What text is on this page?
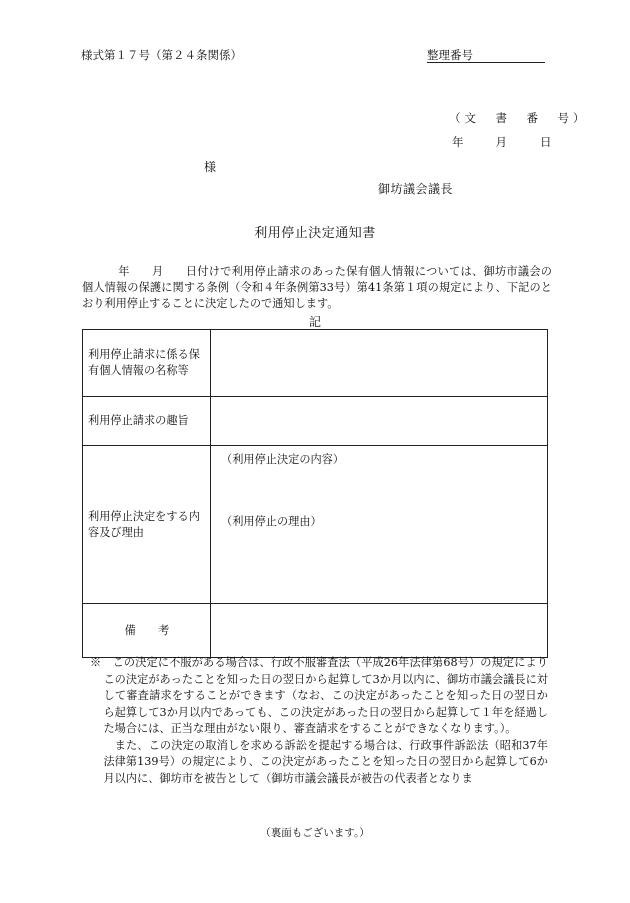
様式第１７号（第２４条関係）	整理番号
（文　書　番　号）
年	月	日
様
御坊議会議長
利用停止決定通知書
年 月 日付けで利用停止請求のあった保有個人情報については、御坊市議会の個人情報の保護に関する条例（令和４年条例第33号）第41条第１項の規定により、下記のとおり利用停止することに決定したので通知します。
記
利用停止請求に係る保有個人情報の名称等	
利用停止請求の趣旨	
利用停止決定をする内容及び理由	（利用停止決定の内容）
（利用停止の理由）

備　　考	
※　 この決定に不服がある場合は、行政不服審査法（平成26年法律第68号）の規定によりこの決定があったことを知った日の翌日から起算して3か月以内に、御坊市議会議長に対して審査請求をすることができます（なお、この決定があったことを知った日の翌日から起算して3か月以内であっても、この決定があった日の翌日から起算して１年を経過した場合には、正当な理由がない限り、審査請求をすることができなくなります。）。
また、この決定の取消しを求める訴訟を提起する場合は、行政事件訴訟法（昭和37年法律第139号）の規定により、この決定があったことを知った日の翌日から起算して6か月以内に、御坊市を被告として（御坊市議会議長が被告の代表者となりま
（裏面もございます。）
